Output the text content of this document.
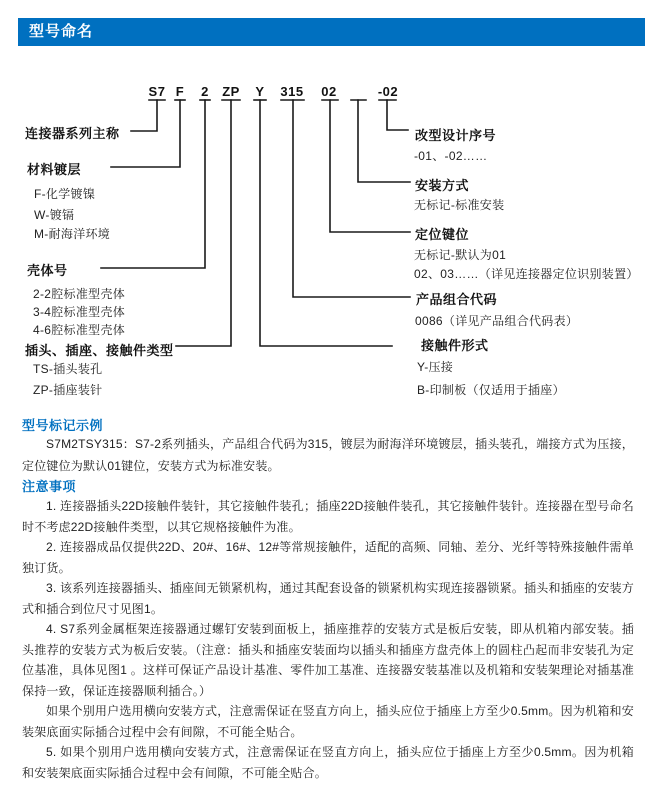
型号命名
S7 F	2	ZP	Y	315	02	-02
连接器系列主称
材料镀层
F-化学镀镍
W-镀镉
M-耐海洋环境
壳体号
2-2腔标准型壳体
3-4腔标准型壳体
4-6腔标准型壳体
插头、插座、接触件类型
TS-插头装孔
ZP-插座装针
改型设计序号
-01、-02……
安装方式
无标记-标准安装
定位键位
无标记-默认为01
02、03……（详见连接器定位识别装置）
产品组合代码
0086（详见产品组合代码表）
接触件形式
Y-压接
B-印制板（仅适用于插座）
型号标记示例
S7M2TSY315：S7-2系列插头，产品组合代码为315，镀层为耐海洋环境镀层，插头装孔，端接方式为压接，定位键位为默认01键位，安装方式为标准安装。
注意事项

1. 连接器插头22D接触件装针，其它接触件装孔；插座22D接触件装孔，其它接触件装针。连接器在型号命名时不考虑22D接触件类型，以其它规格接触件为准。

2. 连接器成品仅提供22D、20#、16#、12#等常规接触件，适配的高频、同轴、差分、光纤等特殊接触件需单独订货。

3. 该系列连接器插头、插座间无锁紧机构，通过其配套设备的锁紧机构实现连接器锁紧。插头和插座的安装方式和插合到位尺寸见图1。

4. S7系列金属框架连接器通过螺钉安装到面板上，插座推荐的安装方式是板后安装，即从机箱内部安装。插头推荐的安装方式为板后安装。（注意：插头和插座安装面均以插头和插座方盘壳体上的圆柱凸起而非安装孔为定位基准，具体见图1 。这样可保证产品设计基准、零件加工基准、连接器安装基准以及机箱和安装架理论对插基准保持一致，保证连接器顺利插合。）

如果个别用户选用横向安装方式，注意需保证在竖直方向上，插头应位于插座上方至少0.5mm。因为机箱和安装架底面实际插合过程中会有间隙，不可能全贴合。

5. 如果个别用户选用横向安装方式，注意需保证在竖直方向上，插头应位于插座上方至少0.5mm。因为机箱和安装架底面实际插合过程中会有间隙，不可能全贴合。
